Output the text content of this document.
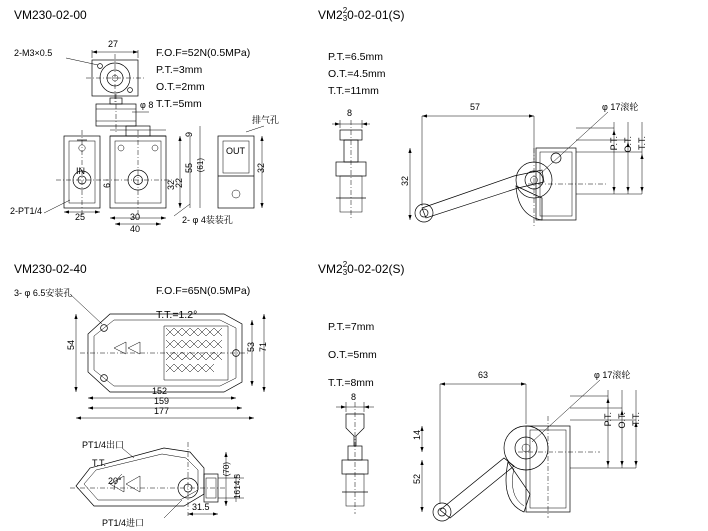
VM230-02-00
F.O.F=52N(0.5MPa)
P.T.=3mm
O.T.=2mm
T.T.=5mm
2-M3×0.5
27
φ 8
排气孔
IN
OUT
2-PT1/4
2- φ 4装装孔
25	30
40
32
9
6
(61)
55
22
32
VM2 2
3 0-02-01(S)
P.T.=6.5mm
O.T.=4.5mm
T.T.=11mm
φ 17滚轮
57
8
32
P.T. O.T. T.T.
VM230-02-40
F.O.F=65N(0.5MPa)
T.T.=1.2°
3- φ 6.5安装孔
54	53 71
152
159
177
PT1/4出口
PT1/4进口
T.T.
20°
31.5
(70)
14.5
16
VM2 2
3 0-02-02(S)
P.T.=7mm
O.T.=5mm
T.T.=8mm
φ 17滚轮
63
8
14
52
P.T. O.T. T.T.
